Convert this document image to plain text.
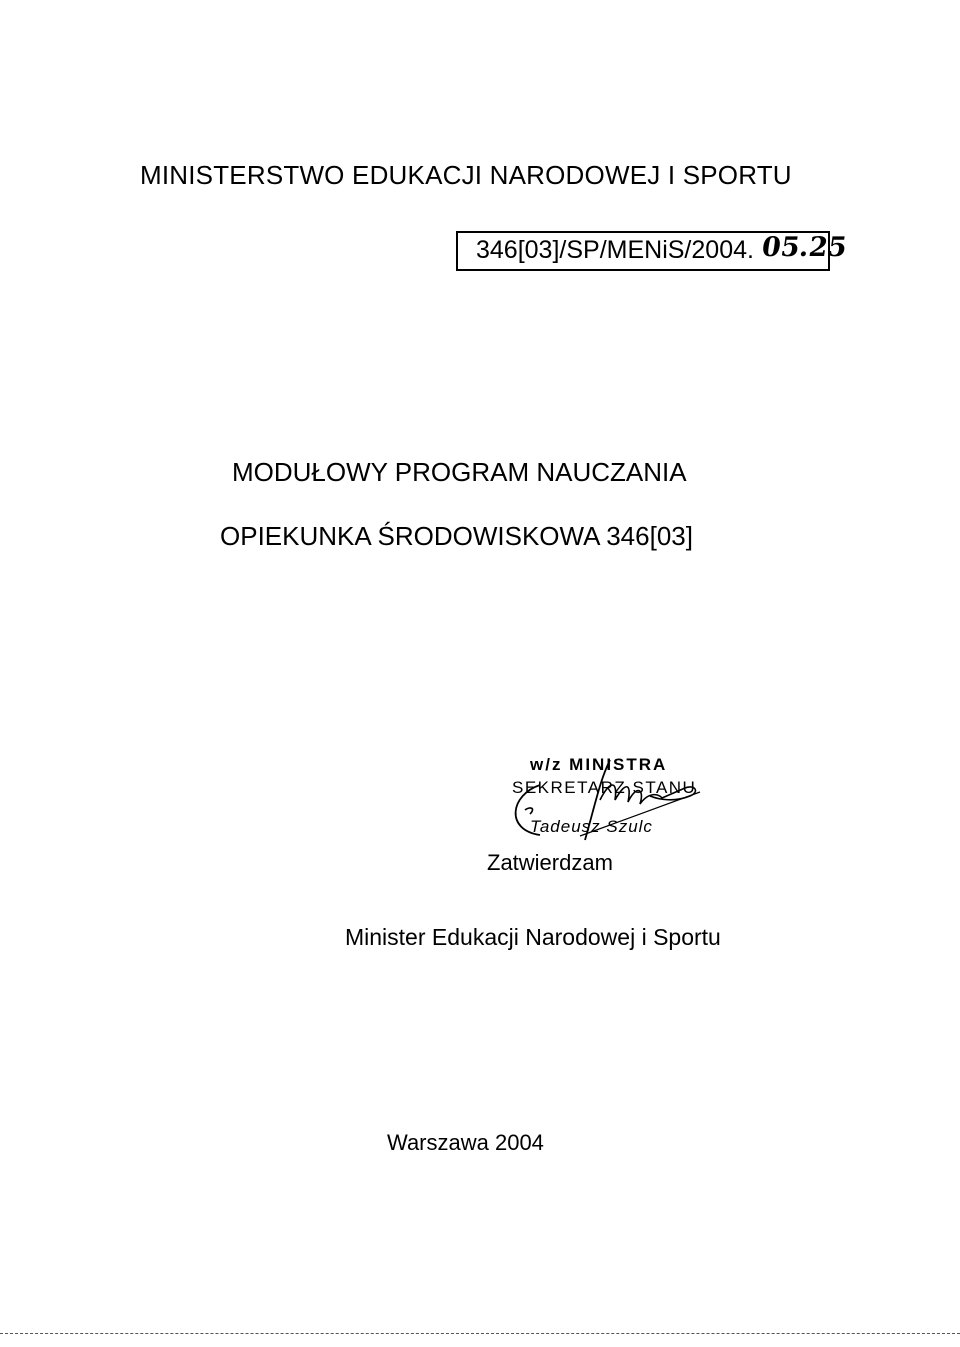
MINISTERSTWO EDUKACJI NARODOWEJ I SPORTU
346[03]/SP/MENiS/2004. 05.25
MODUŁOWY PROGRAM NAUCZANIA
OPIEKUNKA ŚRODOWISKOWA 346[03]
w/z MINISTRA
SEKRETARZ STANU
Tadeusz Szulc
Zatwierdzam
Minister Edukacji Narodowej i Sportu
Warszawa 2004
